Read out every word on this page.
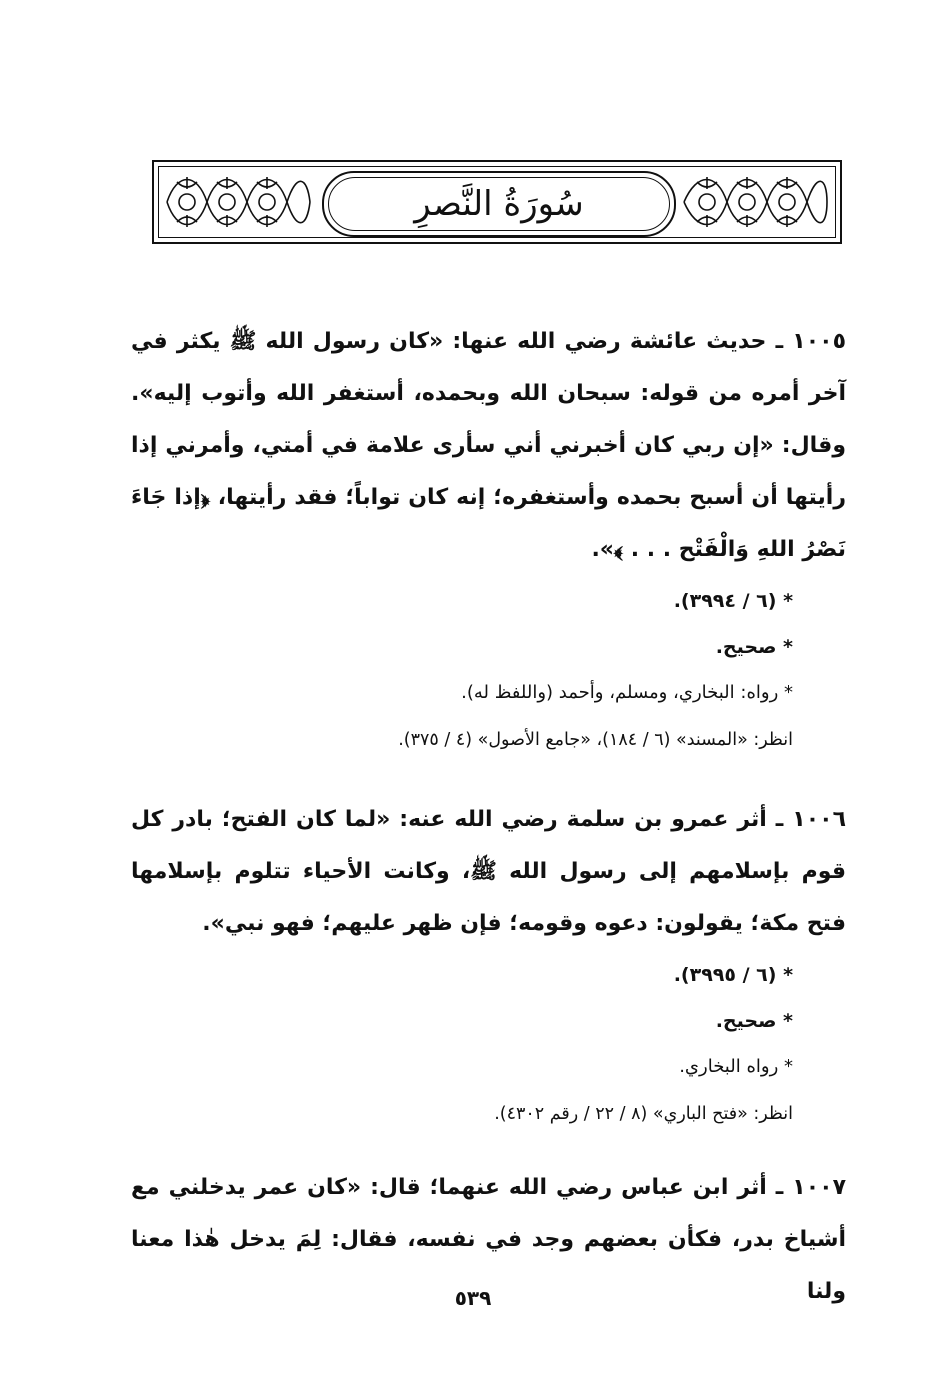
سُورَةُ النَّصرِ
١٠٠٥ ـ حديث عائشة رضي الله عنها: «كان رسول الله ﷺ يكثر في آخر أمره من قوله: سبحان الله وبحمده، أستغفر الله وأتوب إليه». وقال: «إن ربي كان أخبرني أني سأرى علامة في أمتي، وأمرني إذا رأيتها أن أسبح بحمده وأستغفره؛ إنه كان تواباً؛ فقد رأيتها، ﴿إذا جَاءَ نَصْرُ اللهِ وَالْفَتْح . . . ﴾».
* (٦ / ٣٩٩٤).
* صحيح.
* رواه: البخاري، ومسلم، وأحمد (واللفظ له).
انظر: «المسند» (٦ / ١٨٤)، «جامع الأصول» (٤ / ٣٧٥).
١٠٠٦ ـ أثر عمرو بن سلمة رضي الله عنه: «لما كان الفتح؛ بادر كل قوم بإسلامهم إلى رسول الله ﷺ، وكانت الأحياء تتلوم بإسلامها فتح مكة؛ يقولون: دعوه وقومه؛ فإن ظهر عليهم؛ فهو نبي».
* (٦ / ٣٩٩٥).
* صحيح.
* رواه البخاري.
انظر: «فتح الباري» (٨ / ٢٢ / رقم ٤٣٠٢).
١٠٠٧ ـ أثر ابن عباس رضي الله عنهما؛ قال: «كان عمر يدخلني مع أشياخ بدر، فكأن بعضهم وجد في نفسه، فقال: لِمَ يدخل هٰذا معنا ولنا
٥٣٩
